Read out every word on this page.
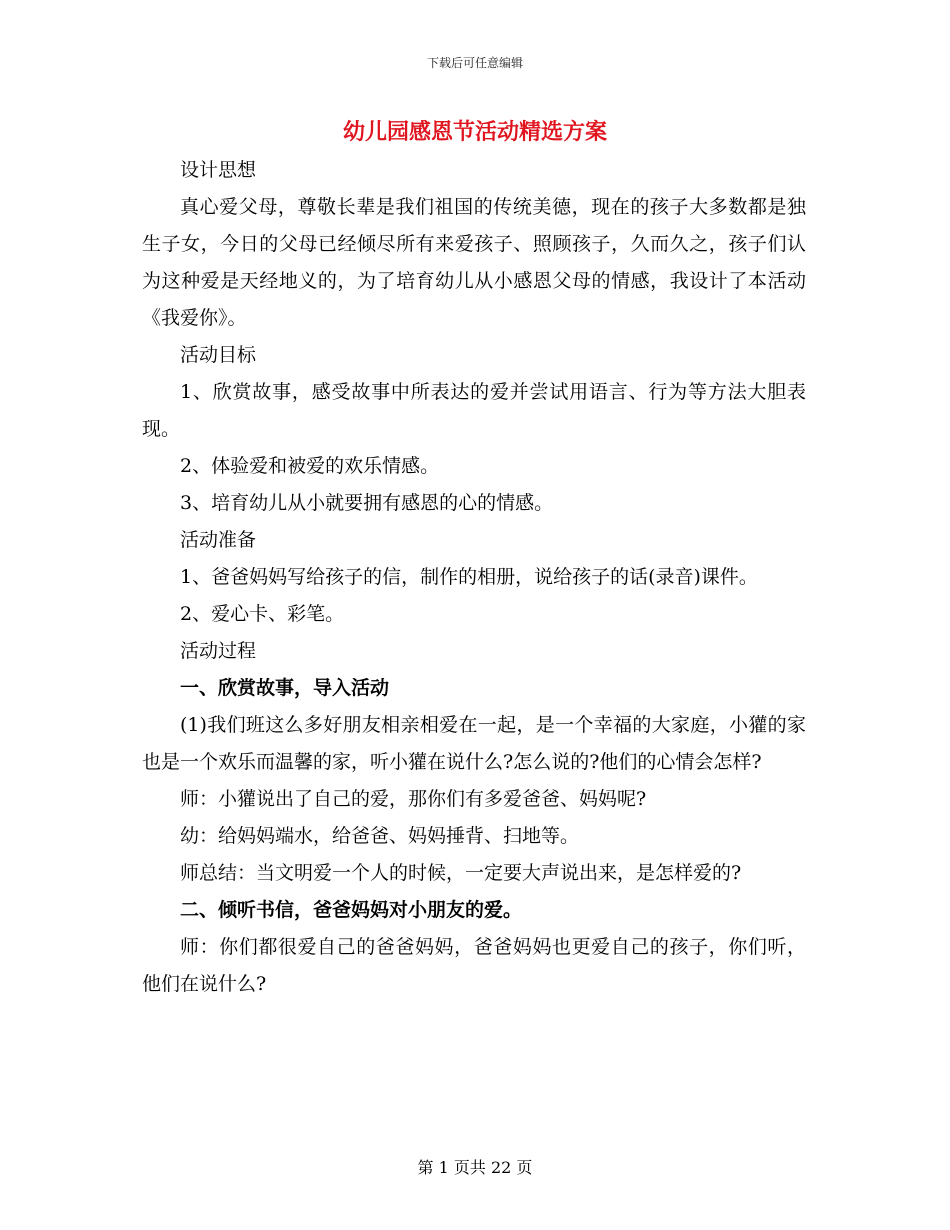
下载后可任意编辑
幼儿园感恩节活动精选方案

设计思想

真心爱父母，尊敬长辈是我们祖国的传统美德，现在的孩子大多数都是独生子女，今日的父母已经倾尽所有来爱孩子、照顾孩子，久而久之，孩子们认为这种爱是天经地义的，为了培育幼儿从小感恩父母的情感，我设计了本活动《我爱你》。

活动目标

1、欣赏故事，感受故事中所表达的爱并尝试用语言、行为等方法大胆表现。

2、体验爱和被爱的欢乐情感。

3、培育幼儿从小就要拥有感恩的心的情感。

活动准备

1、爸爸妈妈写给孩子的信，制作的相册，说给孩子的话(录音)课件。

2、爱心卡、彩笔。

活动过程

一、欣赏故事，导入活动

(1)我们班这么多好朋友相亲相爱在一起，是一个幸福的大家庭，小獾的家也是一个欢乐而温馨的家，听小獾在说什么?怎么说的?他们的心情会怎样?

师：小獾说出了自己的爱，那你们有多爱爸爸、妈妈呢?

幼：给妈妈端水，给爸爸、妈妈捶背、扫地等。

师总结：当文明爱一个人的时候，一定要大声说出来，是怎样爱的?

二、倾听书信，爸爸妈妈对小朋友的爱。

师：你们都很爱自己的爸爸妈妈，爸爸妈妈也更爱自己的孩子，你们听，他们在说什么?

第 1 页共 22 页
